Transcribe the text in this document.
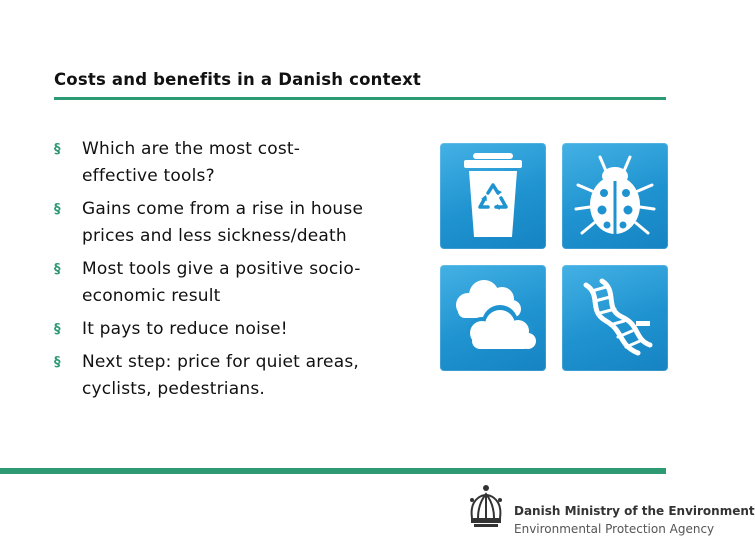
Costs and benefits in a Danish context
§ Which are the most cost-effective tools?
§ Gains come from a rise in house prices and less sickness/death
§ Most tools give a positive socio-economic result
§ It pays to reduce noise!
§ Next step: price for quiet areas, cyclists, pedestrians.
Danish Ministry of the Environment
Environmental Protection Agency
